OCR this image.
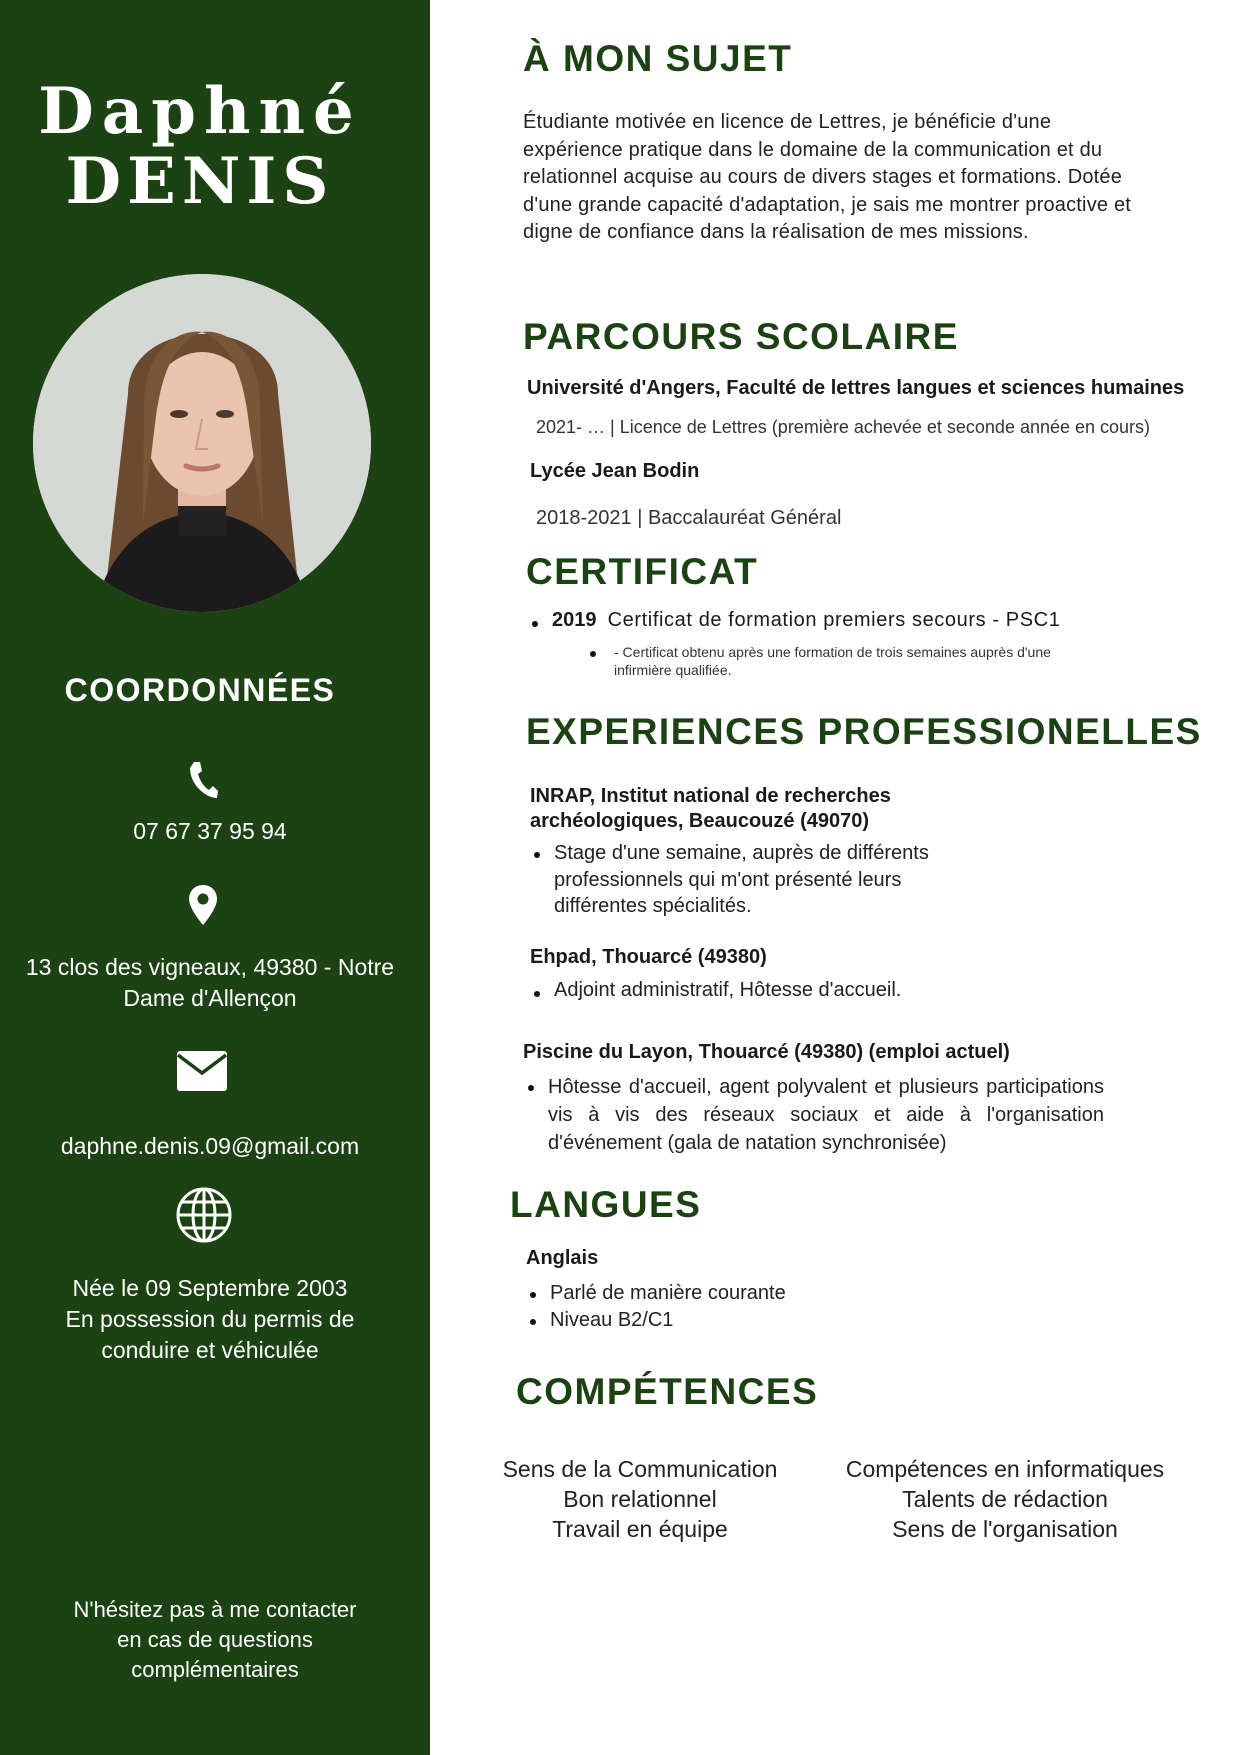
Daphné
DENIS
COORDONNÉES
07 67 37 95 94
13 clos des vigneaux, 49380 - Notre Dame d'Allençon
daphne.denis.09@gmail.com
Née le 09 Septembre 2003
En possession du permis de conduire et véhiculée
N'hésitez pas à me contacter en cas de questions complémentaires
À MON SUJET
Étudiante motivée en licence de Lettres, je bénéficie d'une expérience pratique dans le domaine de la communication et du relationnel acquise au cours de divers stages et formations. Dotée d'une grande capacité d'adaptation, je sais me montrer proactive et digne de confiance dans la réalisation de mes missions.
PARCOURS SCOLAIRE
Université d'Angers, Faculté de lettres langues et sciences humaines
2021- … | Licence de Lettres (première achevée et seconde année en cours)
Lycée Jean Bodin
2018-2021 | Baccalauréat Général
CERTIFICAT
2019 Certificat de formation premiers secours - PSC1
- Certificat obtenu après une formation de trois semaines auprès d'une infirmière qualifiée.
EXPERIENCES PROFESSIONELLES
INRAP, Institut national de recherches archéologiques, Beaucouzé (49070)
Stage d'une semaine, auprès de différents professionnels qui m'ont présenté leurs différentes spécialités.
Ehpad, Thouarcé (49380)
Adjoint administratif, Hôtesse d'accueil.
Piscine du Layon, Thouarcé (49380) (emploi actuel)
Hôtesse d'accueil, agent polyvalent et plusieurs participations vis à vis des réseaux sociaux et aide à l'organisation d'événement (gala de natation synchronisée)
LANGUES
Anglais
Parlé de manière courante
Niveau B2/C1
COMPÉTENCES
Sens de la Communication
Bon relationnel
Travail en équipe
Compétences en informatiques
Talents de rédaction
Sens de l'organisation
